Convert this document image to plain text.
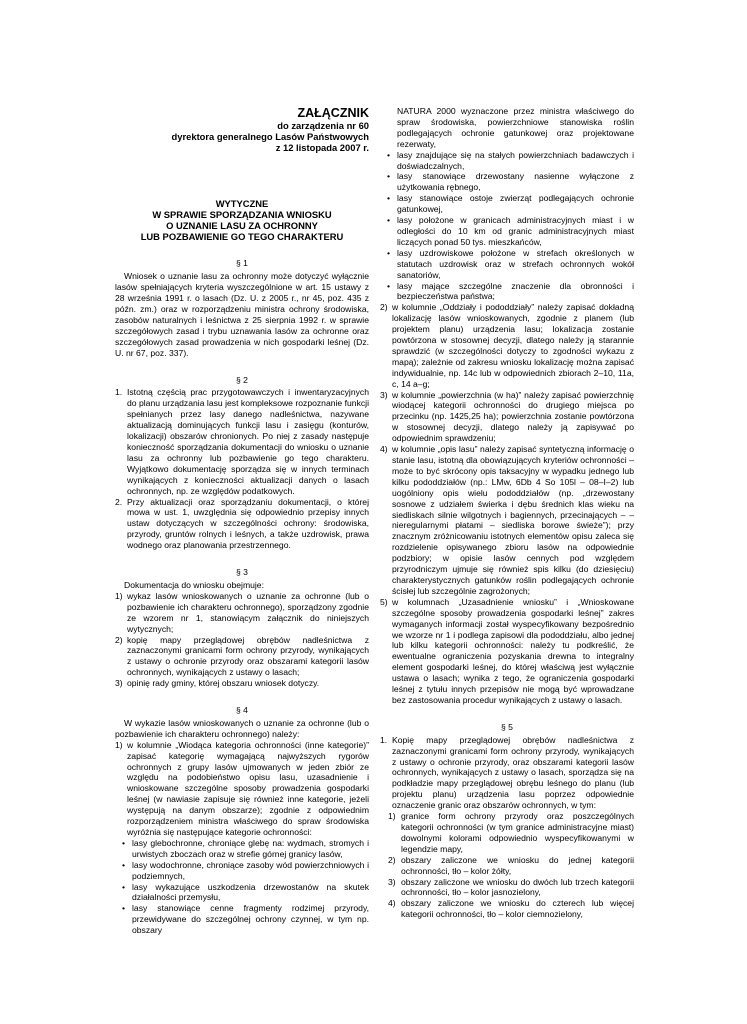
ZAŁĄCZNIK

do zarządzenia nr 60

dyrektora generalnego Lasów Państwowych

z 12 listopada 2007 r.

WYTYCZNE

W SPRAWIE SPORZĄDZANIA WNIOSKU

O UZNANIE LASU ZA OCHRONNY

LUB POZBAWIENIE GO TEGO CHARAKTERU

§ 1

Wniosek o uznanie lasu za ochronny może dotyczyć wyłącznie lasów spełniających kryteria wyszczególnione w art. 15 ustawy z 28 września 1991 r. o lasach (Dz. U. z 2005 r., nr 45, poz. 435 z późn. zm.) oraz w rozporządzeniu ministra ochrony środowiska, zasobów naturalnych i leśnictwa z 25 sierpnia 1992 r. w sprawie szczegółowych zasad i trybu uznawania lasów za ochronne oraz szczegółowych zasad prowadzenia w nich gospodarki leśnej (Dz. U. nr 67, poz. 337).

§ 2

1. Istotną częścią prac przygotowawczych i inwentaryzacyjnych do planu urządzania lasu jest kompleksowe rozpoznanie funkcji spełnianych przez lasy danego nadleśnictwa, nazywane aktualizacją dominujących funkcji lasu i zasięgu (konturów, lokalizacji) obszarów chronionych. Po niej z zasady następuje konieczność sporządzania dokumentacji do wniosku o uznanie lasu za ochronny lub pozbawienie go tego charakteru. Wyjątkowo dokumentację sporządza się w innych terminach wynikających z konieczności aktualizacji danych o lasach ochronnych, np. ze względów podatkowych.
2. Przy aktualizacji oraz sporządzaniu dokumentacji, o której mowa w ust. 1, uwzględnia się odpowiednio przepisy innych ustaw dotyczących w szczególności ochrony: środowiska, przyrody, gruntów rolnych i leśnych, a także uzdrowisk, prawa wodnego oraz planowania przestrzennego.

§ 3

Dokumentacja do wniosku obejmuje:

1) wykaz lasów wnioskowanych o uznanie za ochronne (lub o pozbawienie ich charakteru ochronnego), sporządzony zgodnie ze wzorem nr 1, stanowiącym załącznik do niniejszych wytycznych;
2) kopię mapy przeglądowej obrębów nadleśnictwa z zaznaczonymi granicami form ochrony przyrody, wynikających z ustawy o ochronie przyrody oraz obszarami kategorii lasów ochronnych, wynikających z ustawy o lasach;
3) opinię rady gminy, której obszaru wniosek dotyczy.

§ 4

W wykazie lasów wnioskowanych o uznanie za ochronne (lub o pozbawienie ich charakteru ochronnego) należy:

1) w kolumnie „Wiodąca kategoria ochronności (inne kategorie)” zapisać kategorię wymagającą najwyższych rygorów ochronnych z grupy lasów ujmowanych w jeden zbiór ze względu na podobieństwo opisu lasu, uzasadnienie i wnioskowane szczególne sposoby prowadzenia gospodarki leśnej (w nawiasie zapisuje się również inne kategorie, jeżeli występują na danym obszarze); zgodnie z odpowiednim rozporządzeniem ministra właściwego do spraw środowiska wyróżnia się następujące kategorie ochronności:
• lasy glebochronne, chroniące glebę na: wydmach, stromych i urwistych zboczach oraz w strefie górnej granicy lasów,
• lasy wodochronne, chroniące zasoby wód powierzchniowych i podziemnych,
• lasy wykazujące uszkodzenia drzewostanów na skutek działalności przemysłu,
• lasy stanowiące cenne fragmenty rodzimej przyrody, przewidywane do szczególnej ochrony czynnej, w tym np. obszary
NATURA 2000 wyznaczone przez ministra właściwego do spraw środowiska, powierzchniowe stanowiska roślin podlegających ochronie gatunkowej oraz projektowane rezerwaty,
• lasy znajdujące się na stałych powierzchniach badawczych i doświadczalnych,
• lasy stanowiące drzewostany nasienne wyłączone z użytkowania rębnego,
• lasy stanowiące ostoje zwierząt podlegających ochronie gatunkowej,
• lasy położone w granicach administracyjnych miast i w odległości do 10 km od granic administracyjnych miast liczących ponad 50 tys. mieszkańców,
• lasy uzdrowiskowe położone w strefach określonych w statutach uzdrowisk oraz w strefach ochronnych wokół sanatoriów,
• lasy mające szczególne znaczenie dla obronności i bezpieczeństwa państwa;
2) w kolumnie „Oddziały i pododdziały” należy zapisać dokładną lokalizację lasów wnioskowanych, zgodnie z planem (lub projektem planu) urządzenia lasu; lokalizacja zostanie powtórzona w stosownej decyzji, dlatego należy ją starannie sprawdzić (w szczególności dotyczy to zgodności wykazu z mapą); zależnie od zakresu wniosku lokalizację można zapisać indywidualnie, np. 14c lub w odpowiednich zbiorach 2–10, 11a, c, 14 a–g;
3) w kolumnie „powierzchnia (w ha)” należy zapisać powierzchnię wiodącej kategorii ochronności do drugiego miejsca po przecinku (np. 1425,25 ha); powierzchnia zostanie powtórzona w stosownej decyzji, dlatego należy ją zapisywać po odpowiednim sprawdzeniu;
4) w kolumnie „opis lasu” należy zapisać syntetyczną informację o stanie lasu, istotną dla obowiązujących kryteriów ochronności – może to być skrócony opis taksacyjny w wypadku jednego lub kilku pododdziałów (np.: LMw, 6Db 4 So 105l – 08–I–2) lub uogólniony opis wielu pododdziałów (np. „drzewostany sosnowe z udziałem świerka i dębu średnich klas wieku na siedliskach silnie wilgotnych i bagiennych, przecinających – – nieregularnymi płatami – siedliska borowe świeże”); przy znacznym zróżnicowaniu istotnych elementów opisu zaleca się rozdzielenie opisywanego zbioru lasów na odpowiednie podzbiory; w opisie lasów cennych pod względem przyrodniczym ujmuje się również spis kilku (do dziesięciu) charakterystycznych gatunków roślin podlegających ochronie ścisłej lub szczególnie zagrożonych;
5) w kolumnach „Uzasadnienie wniosku” i „Wnioskowane szczególne sposoby prowadzenia gospodarki leśnej” zakres wymaganych informacji został wyspecyfikowany bezpośrednio we wzorze nr 1 i podlega zapisowi dla pododdziału, albo jednej lub kilku kategorii ochronności: należy tu podkreślić, że ewentualne ograniczenia pozyskania drewna to integralny element gospodarki leśnej, do której właściwą jest wyłącznie ustawa o lasach; wynika z tego, że ograniczenia gospodarki leśnej z tytułu innych przepisów nie mogą być wprowadzane bez zastosowania procedur wynikających z ustawy o lasach.

§ 5

1. Kopię mapy przeglądowej obrębów nadleśnictwa z zaznaczonymi granicami form ochrony przyrody, wynikających z ustawy o ochronie przyrody, oraz obszarami kategorii lasów ochronnych, wynikających z ustawy o lasach, sporządza się na podkładzie mapy przeglądowej obrębu leśnego do planu (lub projektu planu) urządzenia lasu poprzez odpowiednie oznaczenie granic oraz obszarów ochronnych, w tym:
1) granice form ochrony przyrody oraz poszczególnych kategorii ochronności (w tym granice administracyjne miast) dowolnymi kolorami odpowiednio wyspecyfikowanymi w legendzie mapy,
2) obszary zaliczone we wniosku do jednej kategorii ochronności, tło – kolor żółty,
3) obszary zaliczone we wniosku do dwóch lub trzech kategorii ochronności, tło – kolor jasnozielony,
4) obszary zaliczone we wniosku do czterech lub więcej kategorii ochronności, tło – kolor ciemnozielony,
